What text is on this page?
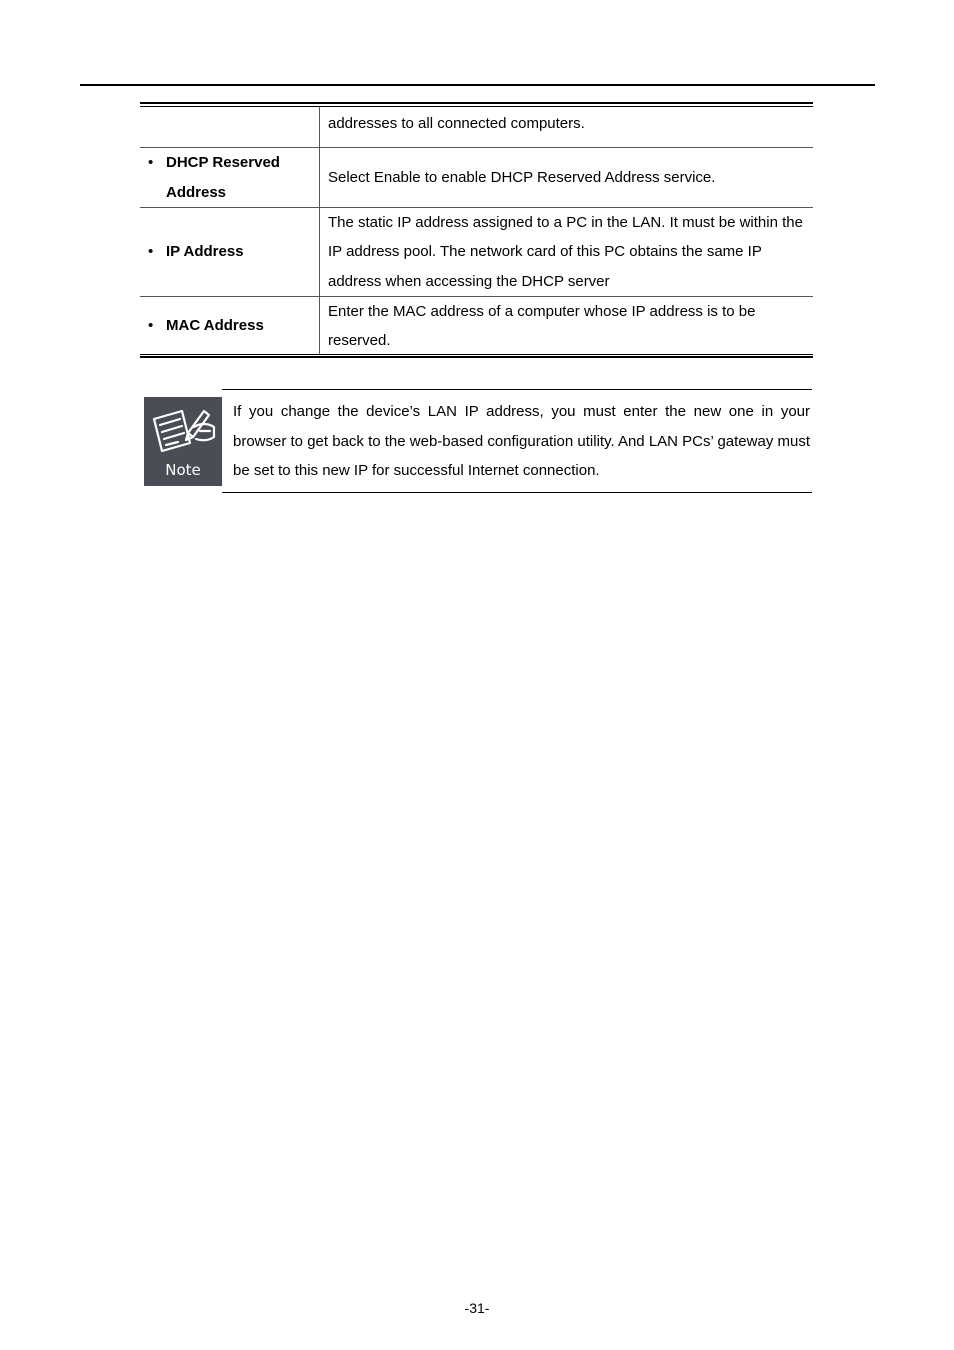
addresses to all connected computers.
• DHCP Reserved Address
Select Enable to enable DHCP Reserved Address service.
• IP Address
The static IP address assigned to a PC in the LAN. It must be within the IP address pool. The network card of this PC obtains the same IP address when accessing the DHCP server
• MAC Address
Enter the MAC address of a computer whose IP address is to be reserved.
Note
If you change the device’s LAN IP address, you must enter the new one in your browser to get back to the web-based configuration utility. And LAN PCs’ gateway must be set to this new IP for successful Internet connection.
-31-
